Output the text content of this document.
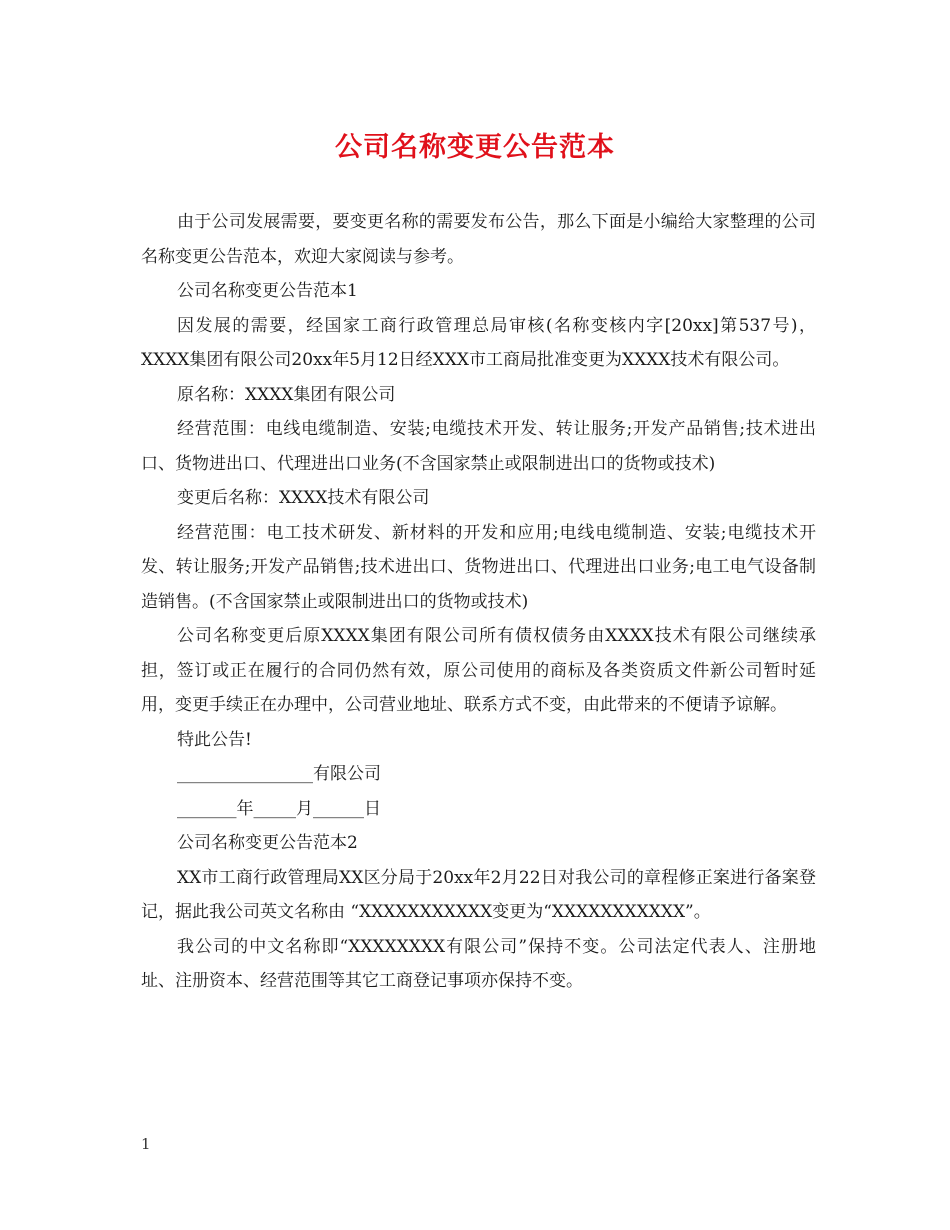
公司名称变更公告范本

由于公司发展需要，要变更名称的需要发布公告，那么下面是小编给大家整理的公司名称变更公告范本，欢迎大家阅读与参考。

公司名称变更公告范本1

因发展的需要，经国家工商行政管理总局审核(名称变核内字[20xx]第537号)，XXXX集团有限公司20xx年5月12日经XXX市工商局批准变更为XXXX技术有限公司。

原名称：XXXX集团有限公司

经营范围：电线电缆制造、安装;电缆技术开发、转让服务;开发产品销售;技术进出口、货物进出口、代理进出口业务(不含国家禁止或限制进出口的货物或技术)

变更后名称：XXXX技术有限公司

经营范围：电工技术研发、新材料的开发和应用;电线电缆制造、安装;电缆技术开发、转让服务;开发产品销售;技术进出口、货物进出口、代理进出口业务;电工电气设备制造销售。(不含国家禁止或限制进出口的货物或技术)

公司名称变更后原XXXX集团有限公司所有债权债务由XXXX技术有限公司继续承担，签订或正在履行的合同仍然有效，原公司使用的商标及各类资质文件新公司暂时延用，变更手续正在办理中，公司营业地址、联系方式不变，由此带来的不便请予谅解。

特此公告!

________________有限公司

_______年_____月______日

公司名称变更公告范本2

XX市工商行政管理局XX区分局于20xx年2月22日对我公司的章程修正案进行备案登记，据此我公司英文名称由 “XXXXXXXXXXX变更为“XXXXXXXXXXX”。

我公司的中文名称即“XXXXXXXX有限公司”保持不变。公司法定代表人、注册地址、注册资本、经营范围等其它工商登记事项亦保持不变。

1
